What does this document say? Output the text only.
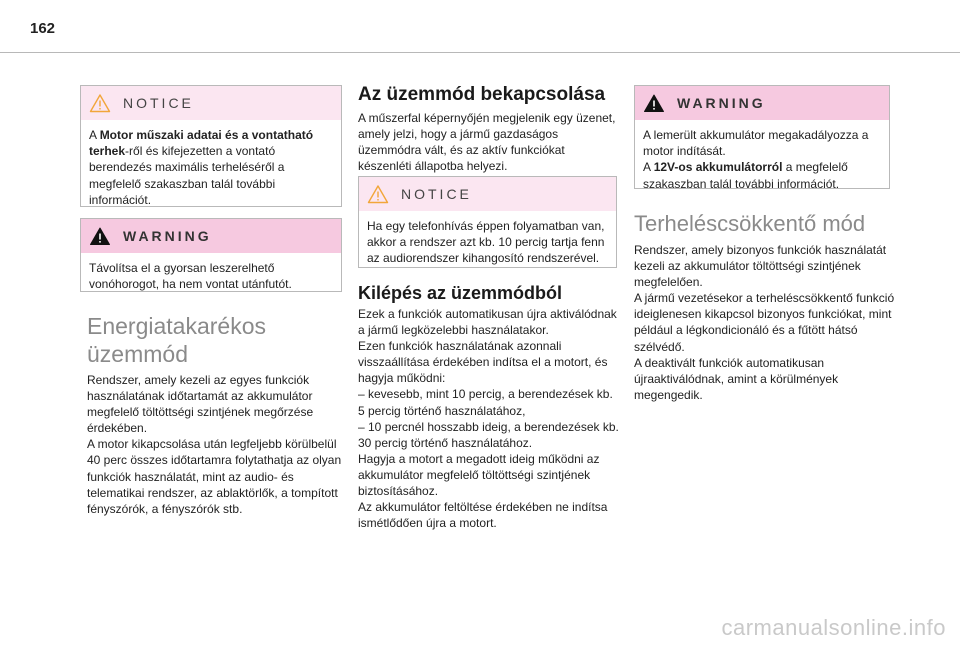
162
NOTICE
A Motor műszaki adatai és a vontatható terhek-ről és kifejezetten a vontató berendezés maximális terheléséről a megfelelő szakaszban talál további információt.
WARNING
Távolítsa el a gyorsan leszerelhető vonóhorogot, ha nem vontat utánfutót.
Energiatakarékos
üzemmód

Rendszer, amely kezeli az egyes funkciók használatának időtartamát az akkumulátor megfelelő töltöttségi szintjének megőrzése érdekében.

A motor kikapcsolása után legfeljebb körülbelül 40 perc összes időtartamra folytathatja az olyan funkciók használatát, mint az audio- és telematikai rendszer, az ablaktörlők, a tompított fényszórók, a fényszórók stb.

Az üzemmód bekapcsolása
A műszerfal képernyőjén megjelenik egy üzenet, amely jelzi, hogy a jármű gazdaságos üzemmódra vált, és az aktív funkciókat készenléti állapotba helyezi.
NOTICE
Ha egy telefonhívás éppen folyamatban van, akkor a rendszer azt kb. 10 percig tartja fenn az audiorendszer kihangosító rendszerével.
Kilépés az üzemmódból

Ezek a funkciók automatikusan újra aktiválódnak a jármű legközelebbi használatakor.

Ezen funkciók használatának azonnali visszaállítása érdekében indítsa el a motort, és hagyja működni:

– kevesebb, mint 10 percig, a berendezések kb. 5 percig történő használatához,

– 10 percnél hosszabb ideig, a berendezések kb. 30 percig történő használatához.

Hagyja a motort a megadott ideig működni az akkumulátor megfelelő töltöttségi szintjének biztosításához.

Az akkumulátor feltöltése érdekében ne indítsa ismétlődően újra a motort.

WARNING
A lemerült akkumulátor megakadályozza a motor indítását.
A 12V-os akkumulátorról a megfelelő szakaszban talál további információt.
Terheléscsökkentő mód

Rendszer, amely bizonyos funkciók használatát kezeli az akkumulátor töltöttségi szintjének megfelelően.

A jármű vezetésekor a terheléscsökkentő funkció ideiglenesen kikapcsol bizonyos funkciókat, mint például a légkondicionáló és a fűtött hátsó szélvédő.

A deaktivált funkciók automatikusan újraaktiválódnak, amint a körülmények megengedik.

carmanualsonline.info
